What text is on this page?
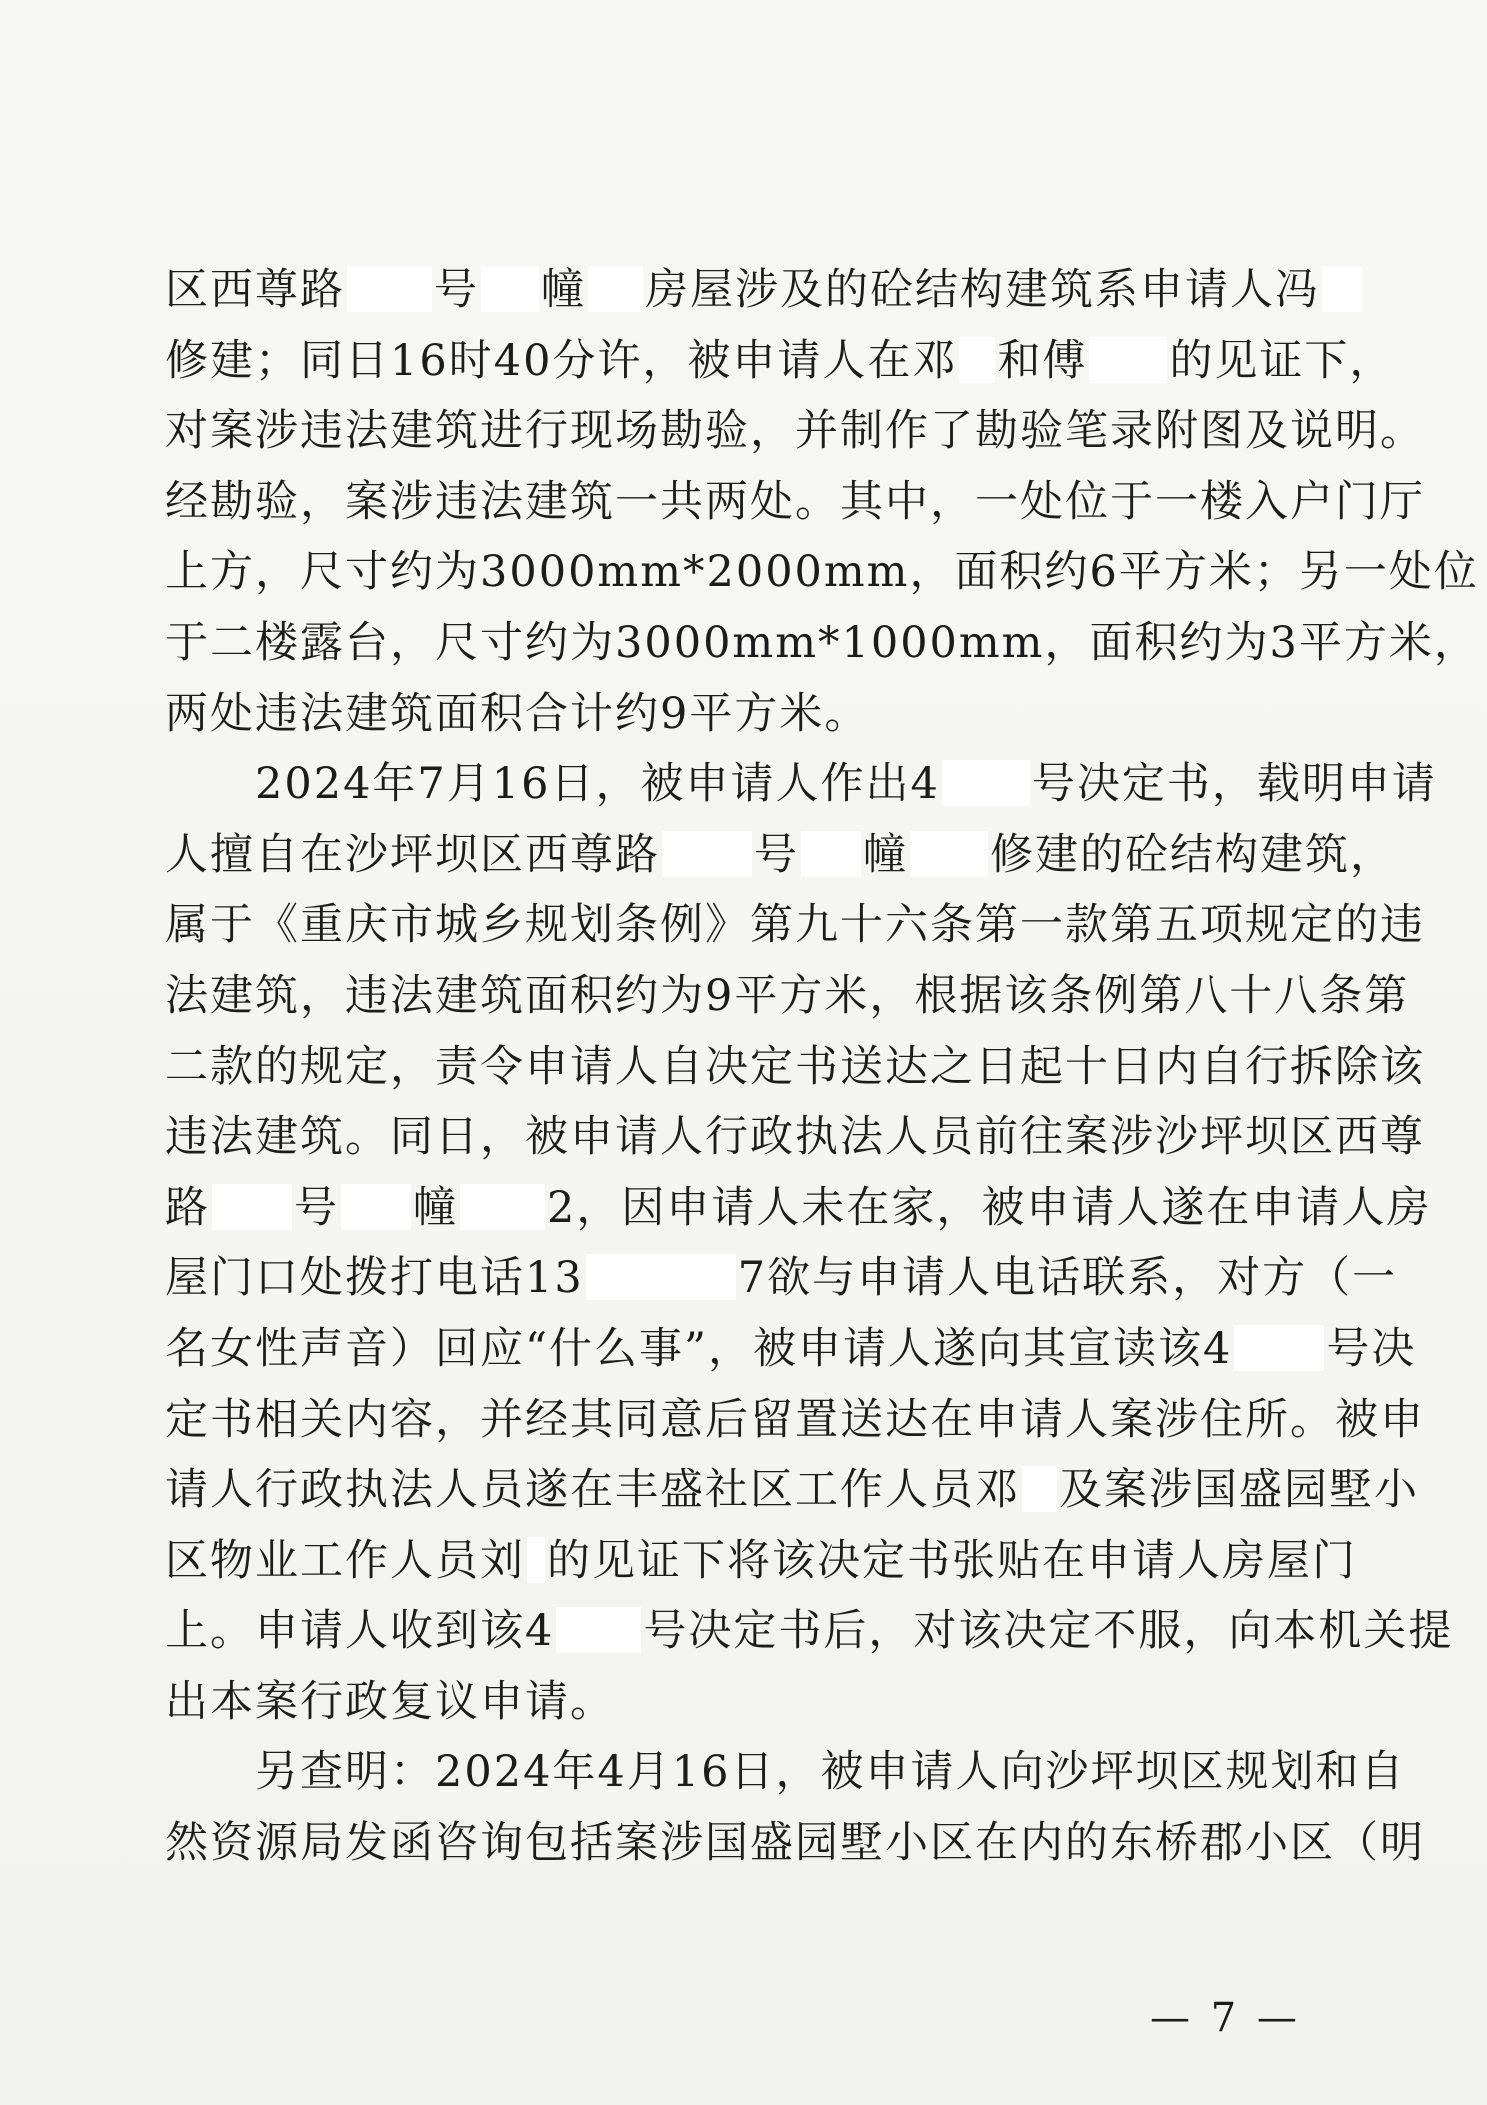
区西尊路 号 幢 房屋涉及的砼结构建筑系申请人冯
修建；同日16时40分许，被申请人在邓 和傅 的见证下，
对案涉违法建筑进行现场勘验，并制作了勘验笔录附图及说明。
经勘验，案涉违法建筑一共两处。其中，一处位于一楼入户门厅
上方，尺寸约为3000mm*2000mm，面积约6平方米；另一处位
于二楼露台，尺寸约为3000mm*1000mm，面积约为3平方米，
两处违法建筑面积合计约9平方米。
　　2024年7月16日，被申请人作出4 号决定书，载明申请
人擅自在沙坪坝区西尊路 号 幢 修建的砼结构建筑，
属于《重庆市城乡规划条例》第九十六条第一款第五项规定的违
法建筑，违法建筑面积约为9平方米，根据该条例第八十八条第
二款的规定，责令申请人自决定书送达之日起十日内自行拆除该
违法建筑。同日，被申请人行政执法人员前往案涉沙坪坝区西尊
路 号 幢 2，因申请人未在家，被申请人遂在申请人房
屋门口处拨打电话13	7欲与申请人电话联系，对方（一
名女性声音）回应“什么事”，被申请人遂向其宣读该4 号决
定书相关内容，并经其同意后留置送达在申请人案涉住所。被申
请人行政执法人员遂在丰盛社区工作人员邓 及案涉国盛园墅小
区物业工作人员刘 的见证下将该决定书张贴在申请人房屋门
上。申请人收到该4 号决定书后，对该决定不服，向本机关提
出本案行政复议申请。
　　另查明：2024年4月16日，被申请人向沙坪坝区规划和自
然资源局发函咨询包括案涉国盛园墅小区在内的东桥郡小区（明
— 7 —
